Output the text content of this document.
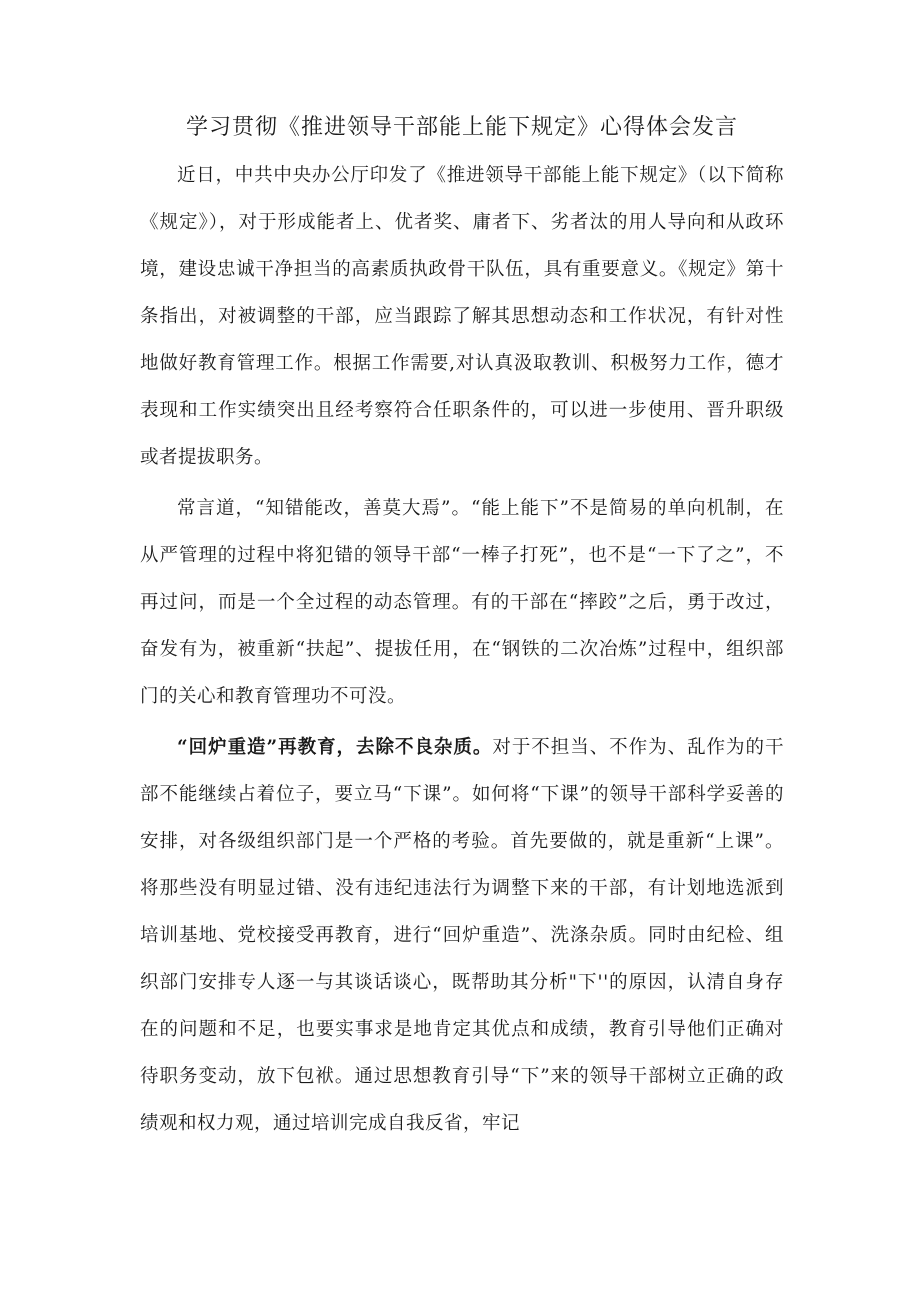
学习贯彻《推进领导干部能上能下规定》心得体会发言

近日，中共中央办公厅印发了《推进领导干部能上能下规定》（以下简称《规定》），对于形成能者上、优者奖、庸者下、劣者汰的用人导向和从政环境，建设忠诚干净担当的高素质执政骨干队伍，具有重要意义。《规定》第十条指出，对被调整的干部，应当跟踪了解其思想动态和工作状况，有针对性地做好教育管理工作。根据工作需要,对认真汲取教训、积极努力工作，德才表现和工作实绩突出且经考察符合任职条件的，可以进一步使用、晋升职级或者提拔职务。

常言道，“知错能改，善莫大焉”。“能上能下”不是简易的单向机制，在从严管理的过程中将犯错的领导干部“一棒子打死”，也不是“一下了之”，不再过问，而是一个全过程的动态管理。有的干部在“摔跤”之后，勇于改过，奋发有为，被重新“扶起”、提拔任用，在“钢铁的二次冶炼”过程中，组织部门的关心和教育管理功不可没。

“回炉重造”再教育，去除不良杂质。对于不担当、不作为、乱作为的干部不能继续占着位子，要立马“下课”。如何将“下课”的领导干部科学妥善的安排，对各级组织部门是一个严格的考验。首先要做的，就是重新“上课”。将那些没有明显过错、没有违纪违法行为调整下来的干部，有计划地选派到培训基地、党校接受再教育，进行“回炉重造”、洗涤杂质。同时由纪检、组织部门安排专人逐一与其谈话谈心，既帮助其分析"下''的原因，认清自身存在的问题和不足，也要实事求是地肯定其优点和成绩，教育引导他们正确对待职务变动，放下包袱。通过思想教育引导“下”来的领导干部树立正确的政绩观和权力观，通过培训完成自我反省，牢记
